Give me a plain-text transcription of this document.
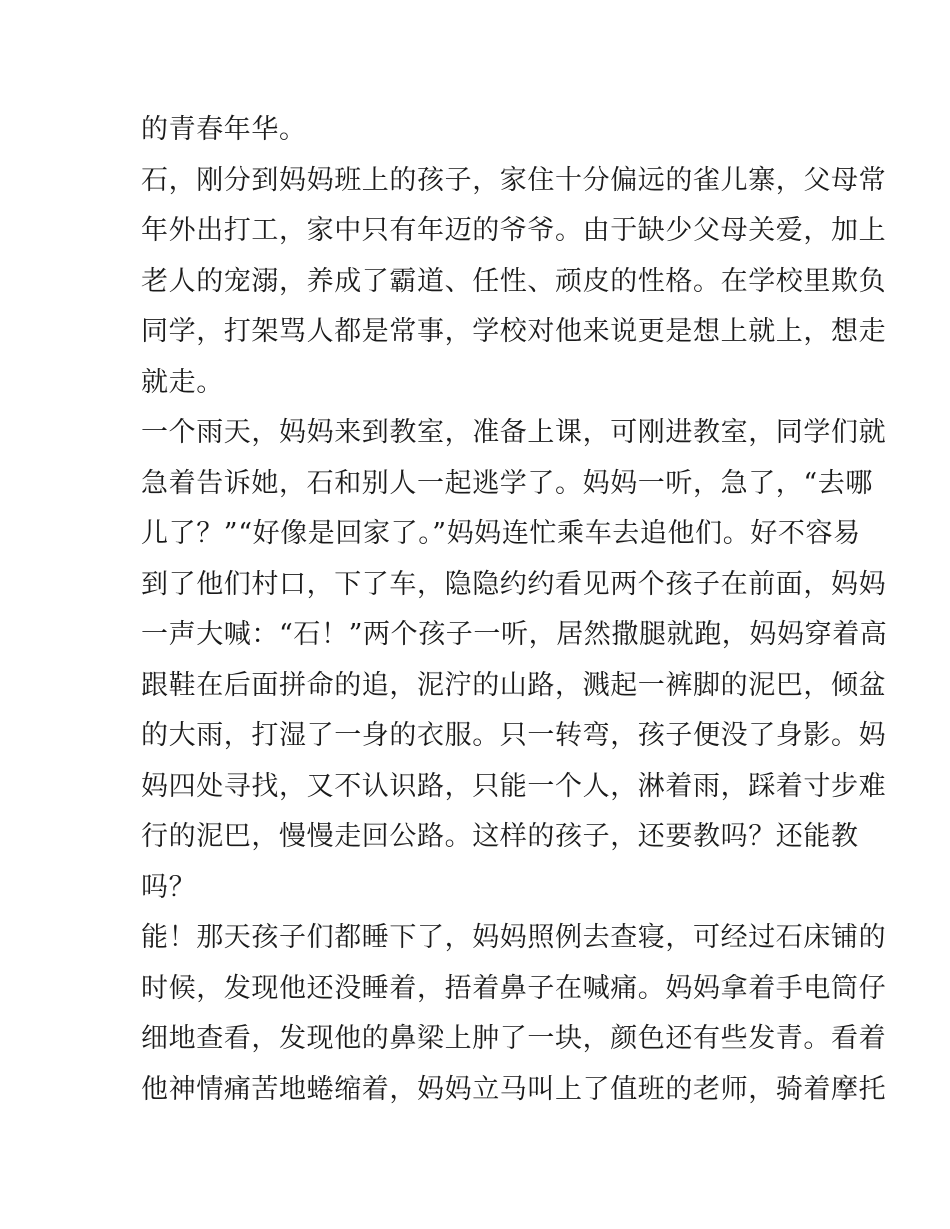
的青春年华。
石，刚分到妈妈班上的孩子，家住十分偏远的雀儿寨，父母常
年外出打工，家中只有年迈的爷爷。由于缺少父母关爱，加上
老人的宠溺，养成了霸道、任性、顽皮的性格。在学校里欺负
同学，打架骂人都是常事，学校对他来说更是想上就上，想走
就走。
一个雨天，妈妈来到教室，准备上课，可刚进教室，同学们就
急着告诉她，石和别人一起逃学了。妈妈一听，急了，“去哪
儿了？”“好像是回家了。”妈妈连忙乘车去追他们。好不容易
到了他们村口，下了车，隐隐约约看见两个孩子在前面，妈妈
一声大喊：“石！”两个孩子一听，居然撒腿就跑，妈妈穿着高
跟鞋在后面拼命的追，泥泞的山路，溅起一裤脚的泥巴，倾盆
的大雨，打湿了一身的衣服。只一转弯，孩子便没了身影。妈
妈四处寻找，又不认识路，只能一个人，淋着雨，踩着寸步难
行的泥巴，慢慢走回公路。这样的孩子，还要教吗？还能教
吗？
能！那天孩子们都睡下了，妈妈照例去查寝，可经过石床铺的
时候，发现他还没睡着，捂着鼻子在喊痛。妈妈拿着手电筒仔
细地查看，发现他的鼻梁上肿了一块，颜色还有些发青。看着
他神情痛苦地蜷缩着，妈妈立马叫上了值班的老师，骑着摩托
